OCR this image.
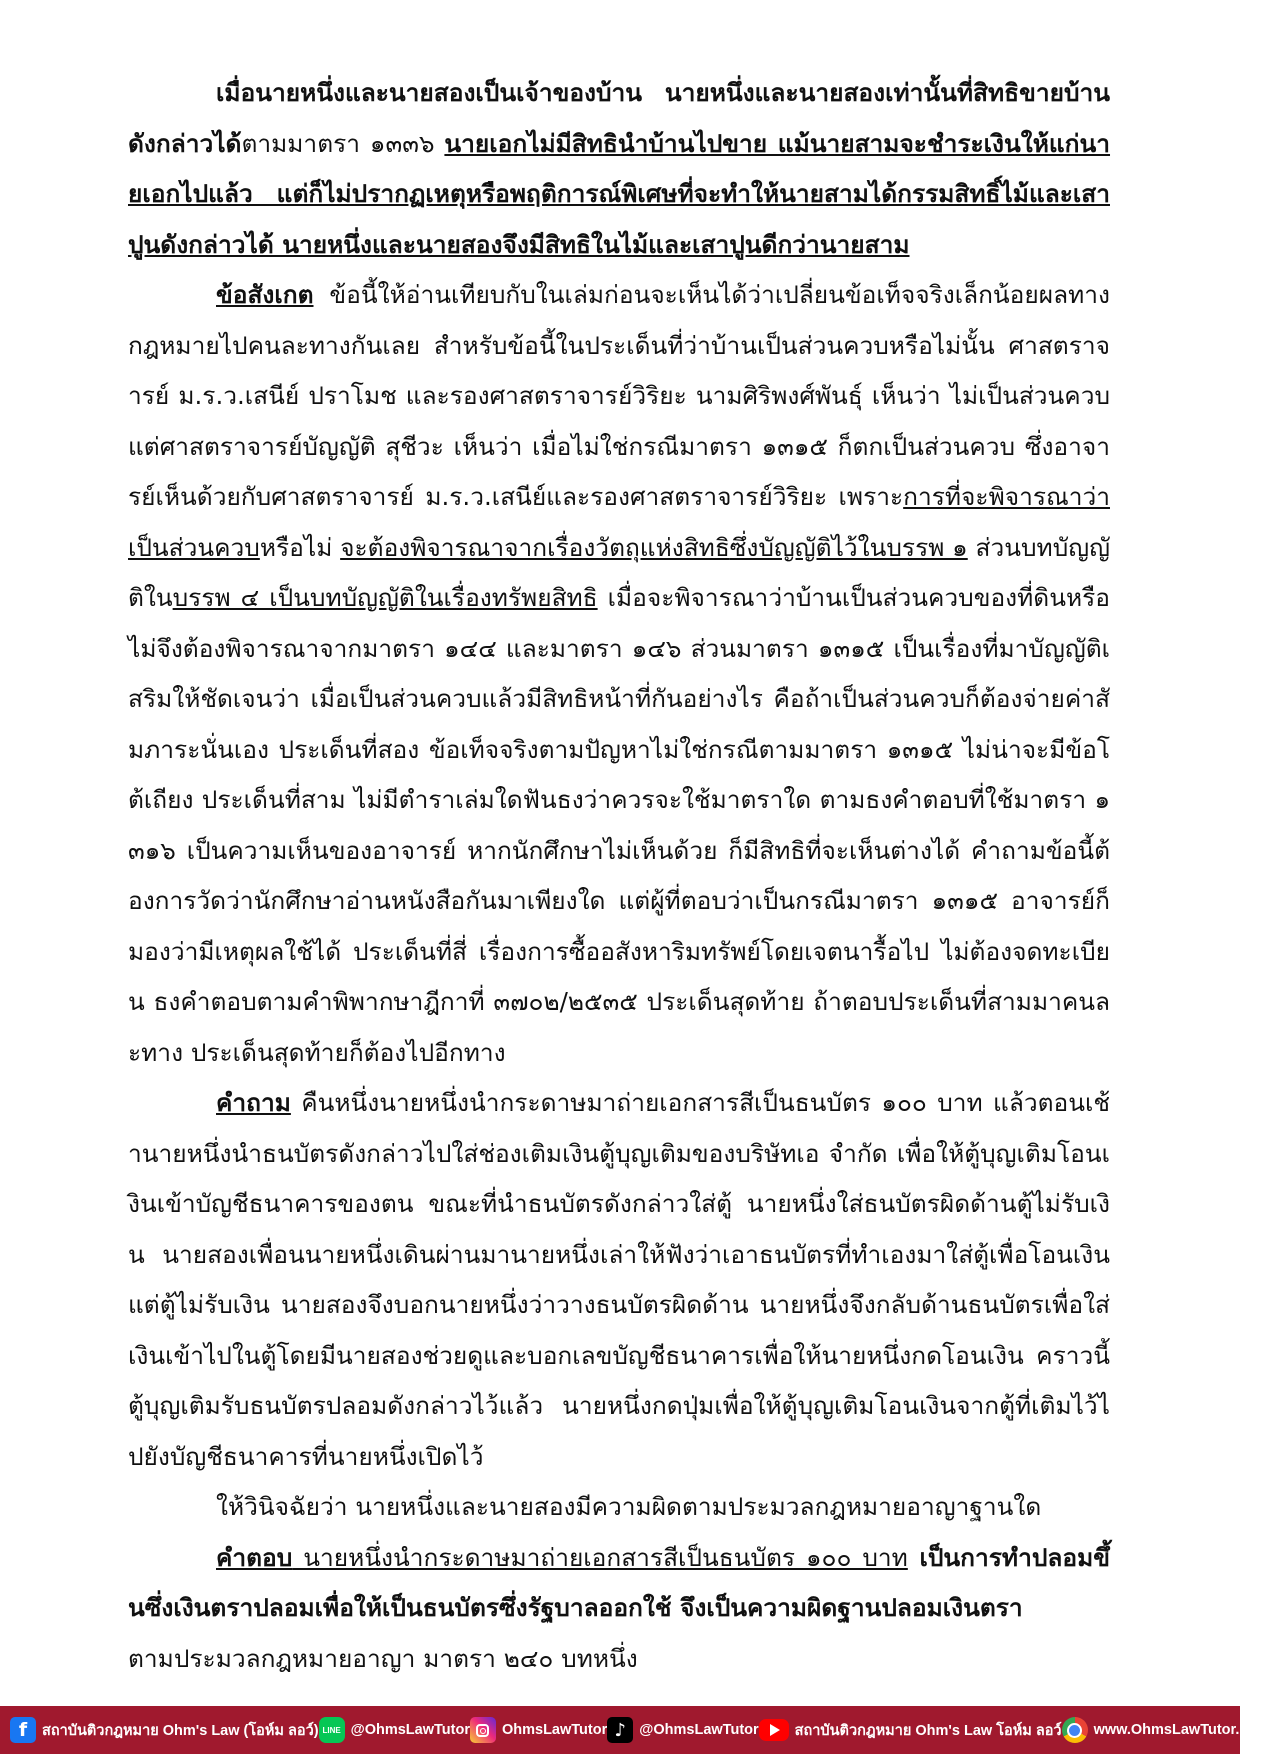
เมื่อนายหนึ่งและนายสองเป็นเจ้าของบ้าน นายหนึ่งและนายสองเท่านั้นที่สิทธิขายบ้านดังกล่าวได้ตามมาตรา ๑๓๓๖ นายเอกไม่มีสิทธินำบ้านไปขาย แม้นายสามจะชำระเงินให้แก่นายเอกไปแล้ว แต่ก็ไม่ปรากฏเหตุหรือพฤติการณ์พิเศษที่จะทำให้นายสามได้กรรมสิทธิ์ไม้และเสาปูนดังกล่าวได้ นายหนึ่งและนายสองจึงมีสิทธิในไม้และเสาปูนดีกว่านายสาม

ข้อสังเกต ข้อนี้ให้อ่านเทียบกับในเล่มก่อนจะเห็นได้ว่าเปลี่ยนข้อเท็จจริงเล็กน้อยผลทางกฎหมายไปคนละทางกันเลย สำหรับข้อนี้ในประเด็นที่ว่าบ้านเป็นส่วนควบหรือไม่นั้น ศาสตราจารย์ ม.ร.ว.เสนีย์ ปราโมช และรองศาสตราจารย์วิริยะ นามศิริพงศ์พันธุ์ เห็นว่า ไม่เป็นส่วนควบ แต่ศาสตราจารย์บัญญัติ สุชีวะ เห็นว่า เมื่อไม่ใช่กรณีมาตรา ๑๓๑๕ ก็ตกเป็นส่วนควบ ซึ่งอาจารย์เห็นด้วยกับศาสตราจารย์ ม.ร.ว.เสนีย์และรองศาสตราจารย์วิริยะ เพราะการที่จะพิจารณาว่าเป็นส่วนควบหรือไม่ จะต้องพิจารณาจากเรื่องวัตถุแห่งสิทธิซึ่งบัญญัติไว้ในบรรพ ๑ ส่วนบทบัญญัติในบรรพ ๔ เป็นบทบัญญัติในเรื่องทรัพยสิทธิ เมื่อจะพิจารณาว่าบ้านเป็นส่วนควบของที่ดินหรือไม่จึงต้องพิจารณาจากมาตรา ๑๔๔ และมาตรา ๑๔๖ ส่วนมาตรา ๑๓๑๕ เป็นเรื่องที่มาบัญญัติเสริมให้ชัดเจนว่า เมื่อเป็นส่วนควบแล้วมีสิทธิหน้าที่กันอย่างไร คือถ้าเป็นส่วนควบก็ต้องจ่ายค่าสัมภาระนั่นเอง ประเด็นที่สอง ข้อเท็จจริงตามปัญหาไม่ใช่กรณีตามมาตรา ๑๓๑๕ ไม่น่าจะมีข้อโต้เถียง ประเด็นที่สาม ไม่มีตำราเล่มใดฟันธงว่าควรจะใช้มาตราใด ตามธงคำตอบที่ใช้มาตรา ๑๓๑๖ เป็นความเห็นของอาจารย์ หากนักศึกษาไม่เห็นด้วย ก็มีสิทธิที่จะเห็นต่างได้ คำถามข้อนี้ต้องการวัดว่านักศึกษาอ่านหนังสือกันมาเพียงใด แต่ผู้ที่ตอบว่าเป็นกรณีมาตรา ๑๓๑๕ อาจารย์ก็มองว่ามีเหตุผลใช้ได้ ประเด็นที่สี่ เรื่องการซื้ออสังหาริมทรัพย์โดยเจตนารื้อไป ไม่ต้องจดทะเบียน ธงคำตอบตามคำพิพากษาฎีกาที่ ๓๗๐๒/๒๕๓๕ ประเด็นสุดท้าย ถ้าตอบประเด็นที่สามมาคนละทาง ประเด็นสุดท้ายก็ต้องไปอีกทาง

คำถาม คืนหนึ่งนายหนึ่งนำกระดาษมาถ่ายเอกสารสีเป็นธนบัตร ๑๐๐ บาท แล้วตอนเช้านายหนึ่งนำธนบัตรดังกล่าวไปใส่ช่องเติมเงินตู้บุญเติมของบริษัทเอ จำกัด เพื่อให้ตู้บุญเติมโอนเงินเข้าบัญชีธนาคารของตน ขณะที่นำธนบัตรดังกล่าวใส่ตู้ นายหนึ่งใส่ธนบัตรผิดด้านตู้ไม่รับเงิน นายสองเพื่อนนายหนึ่งเดินผ่านมานายหนึ่งเล่าให้ฟังว่าเอาธนบัตรที่ทำเองมาใส่ตู้เพื่อโอนเงินแต่ตู้ไม่รับเงิน นายสองจึงบอกนายหนึ่งว่าวางธนบัตรผิดด้าน นายหนึ่งจึงกลับด้านธนบัตรเพื่อใส่เงินเข้าไปในตู้โดยมีนายสองช่วยดูและบอกเลขบัญชีธนาคารเพื่อให้นายหนึ่งกดโอนเงิน คราวนี้ตู้บุญเติมรับธนบัตรปลอมดังกล่าวไว้แล้ว นายหนึ่งกดปุ่มเพื่อให้ตู้บุญเติมโอนเงินจากตู้ที่เติมไว้ไปยังบัญชีธนาคารที่นายหนึ่งเปิดไว้

ให้วินิจฉัยว่า นายหนึ่งและนายสองมีความผิดตามประมวลกฎหมายอาญาฐานใด

คำตอบ นายหนึ่งนำกระดาษมาถ่ายเอกสารสีเป็นธนบัตร ๑๐๐ บาท เป็นการทำปลอมขึ้นซึ่งเงินตราปลอมเพื่อให้เป็นธนบัตรซึ่งรัฐบาลออกใช้ จึงเป็นความผิดฐานปลอมเงินตรา
ตามประมวลกฎหมายอาญา มาตรา ๒๔๐ บทหนึ่ง

f	สถาบันติวกฎหมาย Ohm's Law (โอห์ม ลอว์) LINE @OhmsLawTutor OhmsLawTutor ♪ @OhmsLawTutor สถาบันติวกฎหมาย Ohm's Law โอห์ม ลอว์ www.OhmsLawTutor.com
